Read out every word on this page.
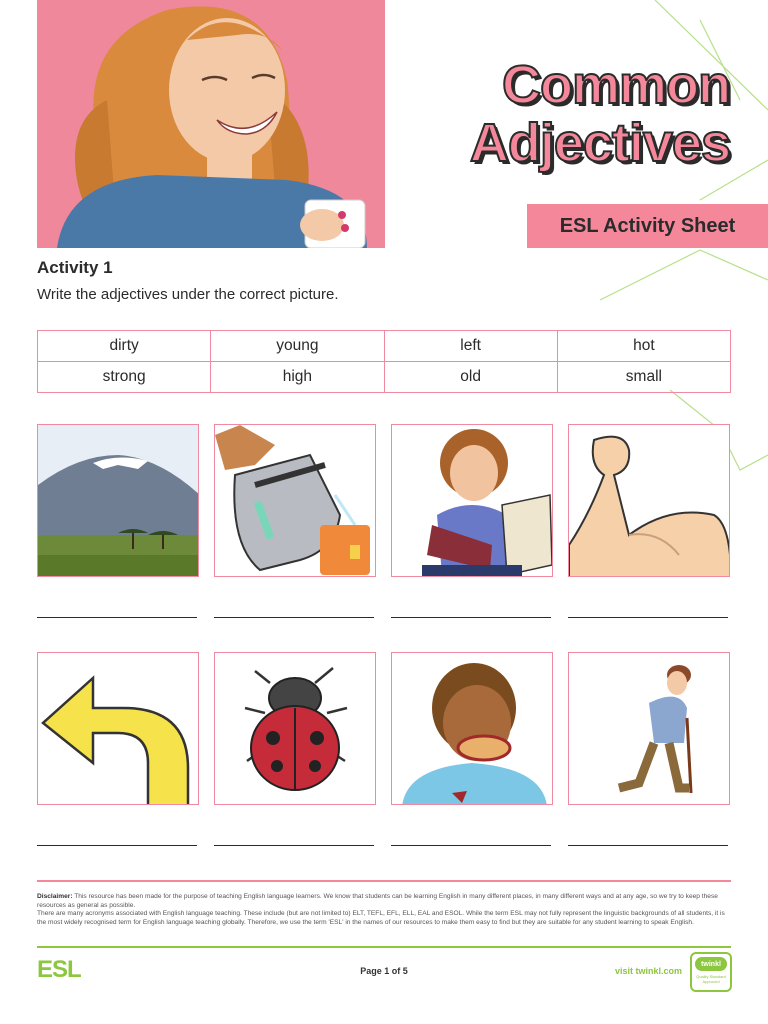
Common
Adjectives
ESL Activity Sheet
Activity 1
Write the adjectives under the correct picture.
dirty	young	left	hot
strong	high	old	small

Disclaimer: This resource has been made for the purpose of teaching English language learners. We know that students can be learning English in many different places, in many different ways and at any age, so we try to keep these resources as general as possible.

There are many acronyms associated with English language teaching. These include (but are not limited to) ELT, TEFL, EFL, ELL, EAL and ESOL. While the term ESL may not fully represent the linguistic backgrounds of all students, it is the most widely recognised term for English language teaching globally. Therefore, we use the term 'ESL' in the names of our resources to make them easy to find but they are suitable for any student learning to speak English.

ESL	Page 1 of 5	visit twinkl.com
twinkl
Quality Standard Approved
